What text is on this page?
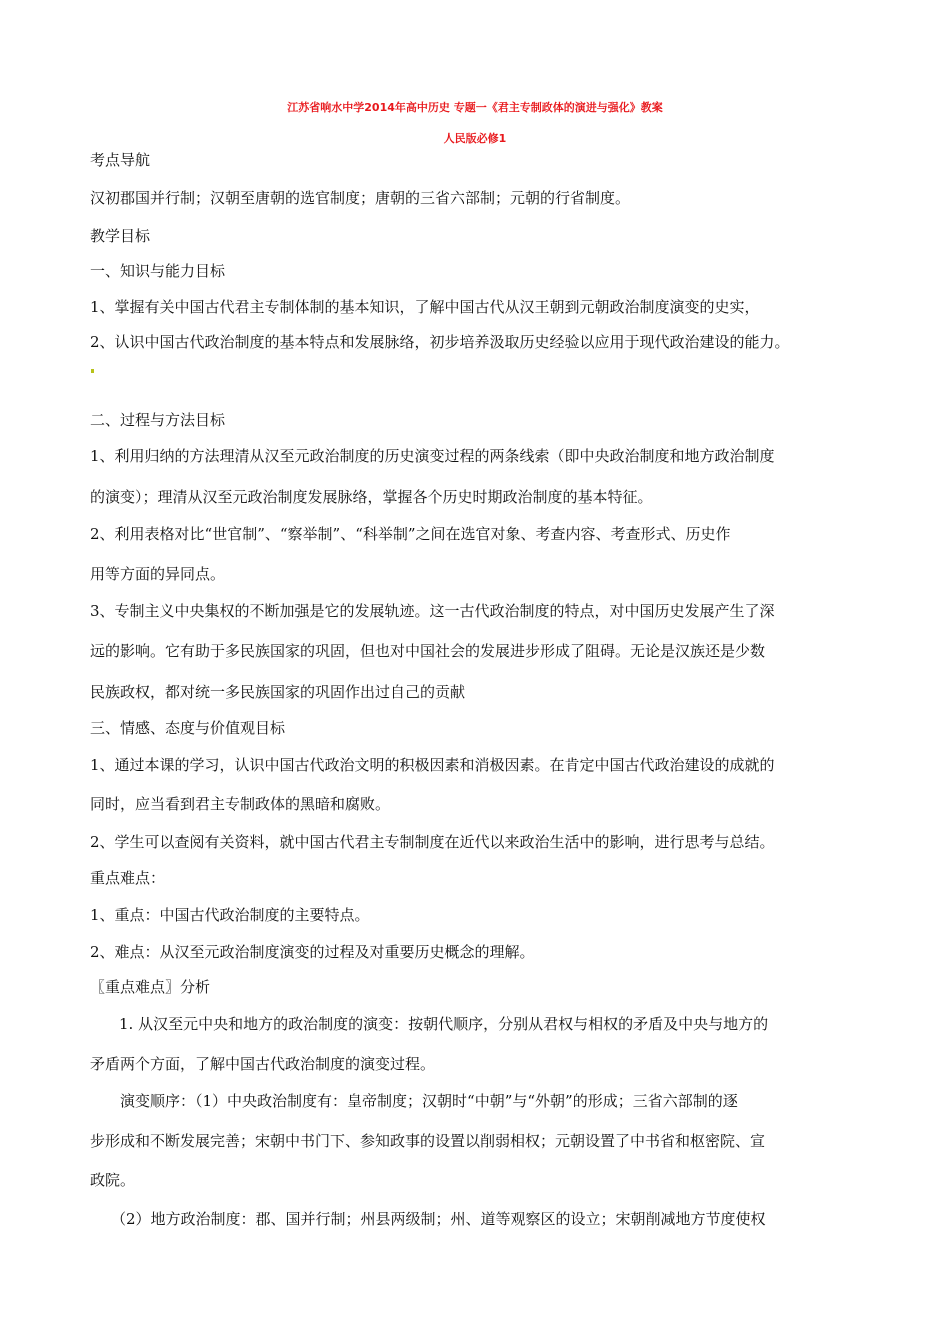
江苏省响水中学2014年高中历史 专题一《君主专制政体的演进与强化》教案
人民版必修1
考点导航
汉初郡国并行制；汉朝至唐朝的选官制度；唐朝的三省六部制；元朝的行省制度。
教学目标
一、知识与能力目标
1、掌握有关中国古代君主专制体制的基本知识，了解中国古代从汉王朝到元朝政治制度演变的史实，
2、认识中国古代政治制度的基本特点和发展脉络，初步培养汲取历史经验以应用于现代政治建设的能力。
二、过程与方法目标
1、利用归纳的方法理清从汉至元政治制度的历史演变过程的两条线索（即中央政治制度和地方政治制度
的演变）；理清从汉至元政治制度发展脉络，掌握各个历史时期政治制度的基本特征。
2、利用表格对比“世官制”、“察举制”、“科举制”之间在选官对象、考查内容、考查形式、历史作
用等方面的异同点。
3、专制主义中央集权的不断加强是它的发展轨迹。这一古代政治制度的特点，对中国历史发展产生了深
远的影响。它有助于多民族国家的巩固，但也对中国社会的发展进步形成了阻碍。无论是汉族还是少数
民族政权，都对统一多民族国家的巩固作出过自己的贡献
三、情感、态度与价值观目标
1、通过本课的学习，认识中国古代政治文明的积极因素和消极因素。在肯定中国古代政治建设的成就的
同时，应当看到君主专制政体的黑暗和腐败。
2、学生可以查阅有关资料，就中国古代君主专制制度在近代以来政治生活中的影响，进行思考与总结。
重点难点：
1、重点：中国古代政治制度的主要特点。
2、难点：从汉至元政治制度演变的过程及对重要历史概念的理解。
〖重点难点〗分析
1. 从汉至元中央和地方的政治制度的演变：按朝代顺序，分别从君权与相权的矛盾及中央与地方的
矛盾两个方面，了解中国古代政治制度的演变过程。
演变顺序：（1）中央政治制度有：皇帝制度；汉朝时“中朝”与“外朝”的形成；三省六部制的逐
步形成和不断发展完善；宋朝中书门下、参知政事的设置以削弱相权；元朝设置了中书省和枢密院、宣
政院。
（2）地方政治制度：郡、国并行制；州县两级制；州、道等观察区的设立；宋朝削减地方节度使权
